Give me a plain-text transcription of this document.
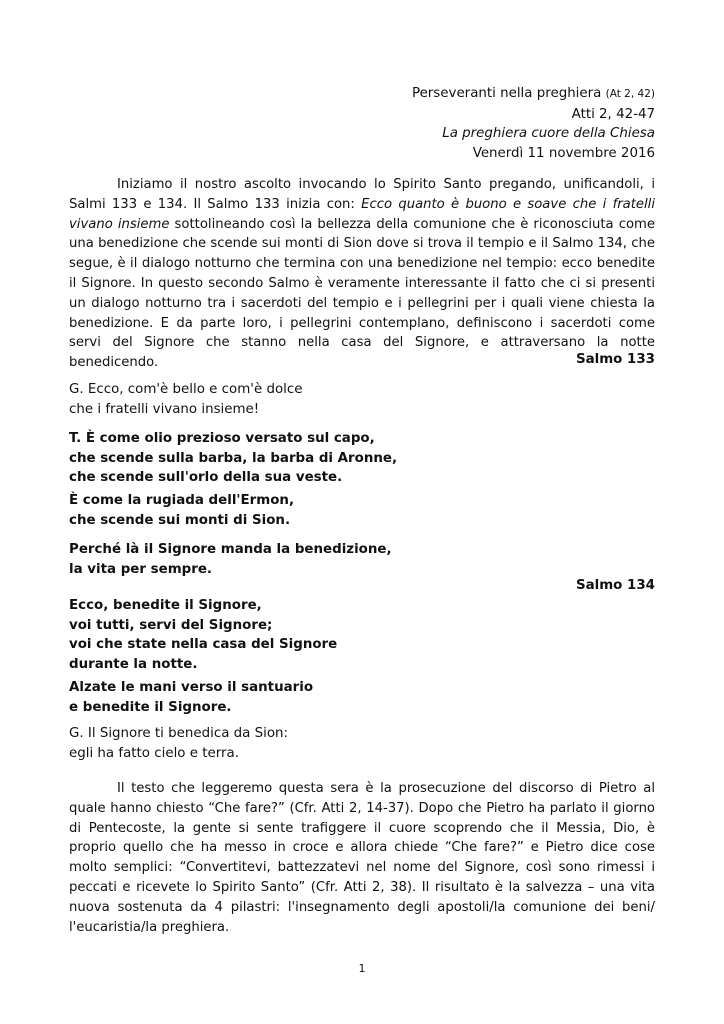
Perseveranti nella preghiera (At 2, 42)
Atti 2, 42-47
La preghiera cuore della Chiesa
Venerdì 11 novembre 2016

Iniziamo il nostro ascolto invocando lo Spirito Santo pregando, unificandoli, i Salmi 133 e 134. Il Salmo 133 inizia con: Ecco quanto è buono e soave che i fratelli vivano insieme sottolineando così la bellezza della comunione che è riconosciuta come una benedizione che scende sui monti di Sion dove si trova il tempio e il Salmo 134, che segue, è il dialogo notturno che termina con una benedizione nel tempio: ecco benedite il Signore. In questo secondo Salmo è veramente interessante il fatto che ci si presenti un dialogo notturno tra i sacerdoti del tempio e i pellegrini per i quali viene chiesta la benedizione. E da parte loro, i pellegrini contemplano, definiscono i sacerdoti come servi del Signore che stanno nella casa del Signore, e attraversano la notte benedicendo.	Salmo 133
G. Ecco, com'è bello e com'è dolce
che i fratelli vivano insieme!
T. È come olio prezioso versato sul capo,
che scende sulla barba, la barba di Aronne,
che scende sull'orlo della sua veste.
È come la rugiada dell'Ermon,
che scende sui monti di Sion.
Perché là il Signore manda la benedizione,
la vita per sempre.
Salmo 134
Ecco, benedite il Signore,
voi tutti, servi del Signore;
voi che state nella casa del Signore
durante la notte.
Alzate le mani verso il santuario
e benedite il Signore.
G. Il Signore ti benedica da Sion:
egli ha fatto cielo e terra.

Il testo che leggeremo questa sera è la prosecuzione del discorso di Pietro al quale hanno chiesto “Che fare?” (Cfr. Atti 2, 14-37). Dopo che Pietro ha parlato il giorno di Pentecoste, la gente si sente trafiggere il cuore scoprendo che il Messia, Dio, è proprio quello che ha messo in croce e allora chiede “Che fare?” e Pietro dice cose molto semplici: “Convertitevi, battezzatevi nel nome del Signore, così sono rimessi i peccati e ricevete lo Spirito Santo” (Cfr. Atti 2, 38). Il risultato è la salvezza – una vita nuova sostenuta da 4 pilastri: l'insegnamento degli apostoli/la comunione dei beni/ l'eucaristia/la preghiera.

1
